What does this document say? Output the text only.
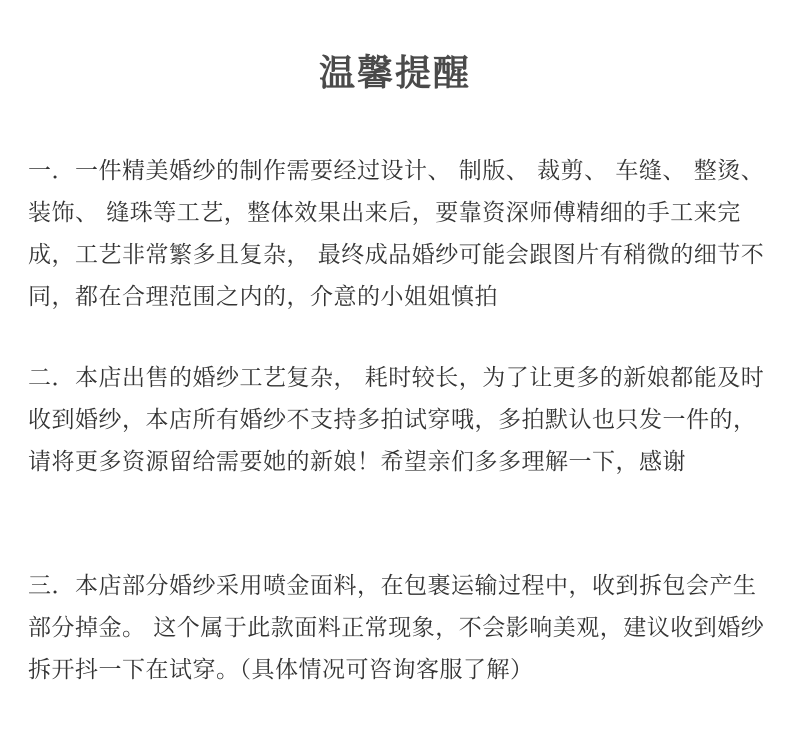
温馨提醒

一．一件精美婚纱的制作需要经过设计、 制版、 裁剪、 车缝、 整烫、 装饰、 缝珠等工艺，整体效果出来后，要靠资深师傅精细的手工来完成，工艺非常繁多且复杂， 最终成品婚纱可能会跟图片有稍微的细节不同，都在合理范围之内的，介意的小姐姐慎拍

二．本店出售的婚纱工艺复杂， 耗时较长，为了让更多的新娘都能及时收到婚纱，本店所有婚纱不支持多拍试穿哦，多拍默认也只发一件的，请将更多资源留给需要她的新娘！希望亲们多多理解一下，感谢

三．本店部分婚纱采用喷金面料，在包裹运输过程中，收到拆包会产生部分掉金。 这个属于此款面料正常现象，不会影响美观，建议收到婚纱拆开抖一下在试穿。（具体情况可咨询客服了解）
